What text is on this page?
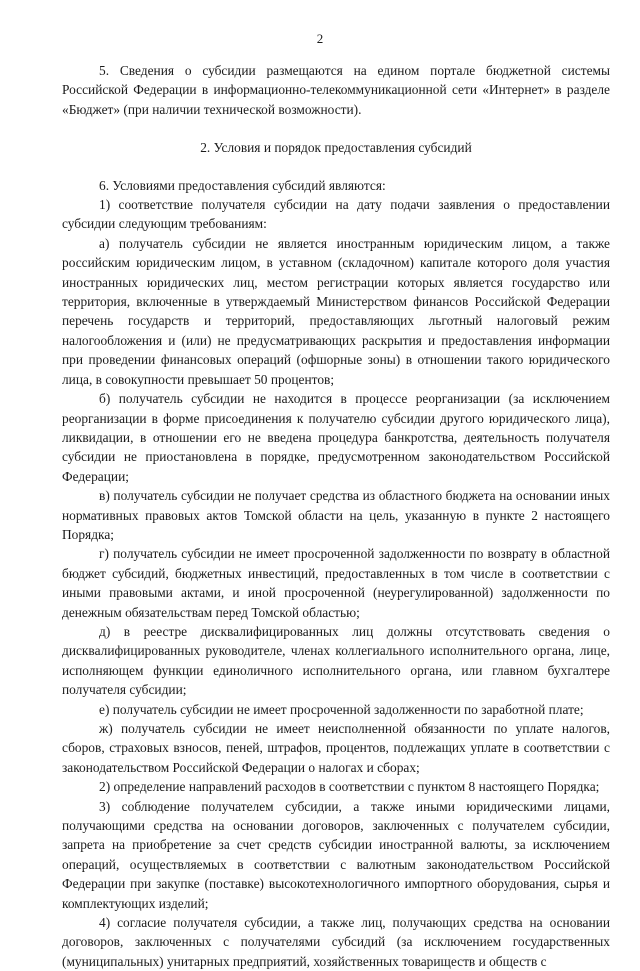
2

5. Сведения о субсидии размещаются на едином портале бюджетной системы Российской Федерации в информационно-телекоммуникационной сети «Интернет» в разделе «Бюджет» (при наличии технической возможности).

2. Условия и порядок предоставления субсидий

6. Условиями предоставления субсидий являются:

1) соответствие получателя субсидии на дату подачи заявления о предоставлении субсидии следующим требованиям:

а) получатель субсидии не является иностранным юридическим лицом, а также российским юридическим лицом, в уставном (складочном) капитале которого доля участия иностранных юридических лиц, местом регистрации которых является государство или территория, включенные в утверждаемый Министерством финансов Российской Федерации перечень государств и территорий, предоставляющих льготный налоговый режим налогообложения и (или) не предусматривающих раскрытия и предоставления информации при проведении финансовых операций (офшорные зоны) в отношении такого юридического лица, в совокупности превышает 50 процентов;

б) получатель субсидии не находится в процессе реорганизации (за исключением реорганизации в форме присоединения к получателю субсидии другого юридического лица), ликвидации, в отношении его не введена процедура банкротства, деятельность получателя субсидии не приостановлена в порядке, предусмотренном законодательством Российской Федерации;

в) получатель субсидии не получает средства из областного бюджета на основании иных нормативных правовых актов Томской области на цель, указанную в пункте 2 настоящего Порядка;

г) получатель субсидии не имеет просроченной задолженности по возврату в областной бюджет субсидий, бюджетных инвестиций, предоставленных в том числе в соответствии с иными правовыми актами, и иной просроченной (неурегулированной) задолженности по денежным обязательствам перед Томской областью;

д) в реестре дисквалифицированных лиц должны отсутствовать сведения о дисквалифицированных руководителе, членах коллегиального исполнительного органа, лице, исполняющем функции единоличного исполнительного органа, или главном бухгалтере получателя субсидии;

е) получатель субсидии не имеет просроченной задолженности по заработной плате;

ж) получатель субсидии не имеет неисполненной обязанности по уплате налогов, сборов, страховых взносов, пеней, штрафов, процентов, подлежащих уплате в соответствии с законодательством Российской Федерации о налогах и сборах;

2) определение направлений расходов в соответствии с пунктом 8 настоящего Порядка;

3) соблюдение получателем субсидии, а также иными юридическими лицами, получающими средства на основании договоров, заключенных с получателем субсидии, запрета на приобретение за счет средств субсидии иностранной валюты, за исключением операций, осуществляемых в соответствии с валютным законодательством Российской Федерации при закупке (поставке) высокотехнологичного импортного оборудования, сырья и комплектующих изделий;

4) согласие получателя субсидии, а также лиц, получающих средства на основании договоров, заключенных с получателями субсидий (за исключением государственных (муниципальных) унитарных предприятий, хозяйственных товариществ и обществ с
